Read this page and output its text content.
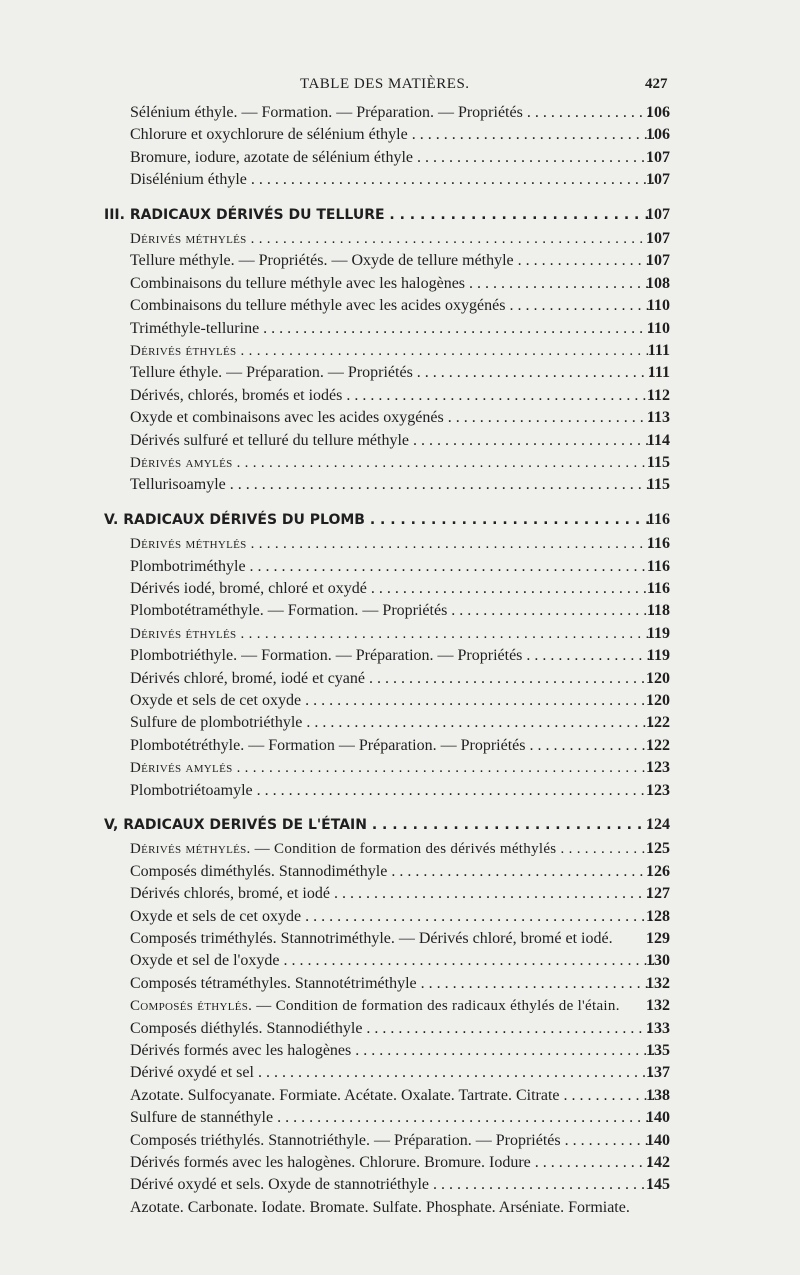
TABLE DES MATIÈRES.	427
Sélénium éthyle. — Formation. — Préparation. — Propriétés . . .	106
Chlorure et oxychlorure de sélénium éthyle . . .	106
Bromure, iodure, azotate de sélénium éthyle . . .	107
Disélénium éthyle . . .	107
III. RADICAUX DÉRIVÉS DU TELLURE . . .	107
Dérivés méthylés . . .	107
Tellure méthyle. — Propriétés. — Oxyde de tellure méthyle . . .	107
Combinaisons du tellure méthyle avec les halogènes . . .	108
Combinaisons du tellure méthyle avec les acides oxygénés . . .	110
Triméthyle-tellurine . . .	110
Dérivés éthylés . . .	111
Tellure éthyle. — Préparation. — Propriétés . . .	111
Dérivés, chlorés, bromés et iodés . . .	112
Oxyde et combinaisons avec les acides oxygénés . . .	113
Dérivés sulfuré et telluré du tellure méthyle . . .	114
Dérivés amylés . . .	115
Tellurisoamyle . . .	115
V. RADICAUX DÉRIVÉS DU PLOMB . . .	116
Dérivés méthylés . . .	116
Plombotriméthyle . . .	116
Dérivés iodé, bromé, chloré et oxydé . . .	116
Plombotétraméthyle. — Formation. — Propriétés . . .	118
Dérivés éthylés . . .	119
Plombotriéthyle. — Formation. — Préparation. — Propriétés . . .	119
Dérivés chloré, bromé, iodé et cyané . . .	120
Oxyde et sels de cet oxyde . . .	120
Sulfure de plombotriéthyle . . .	122
Plombotétréthyle. — Formation — Préparation. — Propriétés . . .	122
Dérivés amylés . . .	123
Plombotriétoamyle . . .	123
V, RADICAUX DERIVÉS DE L'ÉTAIN . . .	124
Dérivés méthylés. — Condition de formation des dérivés méthylés . . .	125
Composés diméthylés. Stannodiméthyle . . .	126
Dérivés chlorés, bromé, et iodé . . .	127
Oxyde et sels de cet oxyde . . .	128
Composés triméthylés. Stannotriméthyle. — Dérivés chloré, bromé et iodé.	129
Oxyde et sel de l'oxyde . . .	130
Composés tétraméthyles. Stannotétriméthyle . . .	132
Composés éthylés. — Condition de formation des radicaux éthylés de l'étain.	132
Composés diéthylés. Stannodiéthyle . . .	133
Dérivés formés avec les halogènes . . .	135
Dérivé oxydé et sel . . .	137
Azotate. Sulfocyanate. Formiate. Acétate. Oxalate. Tartrate. Citrate . . .	138
Sulfure de stannéthyle . . .	140
Composés triéthylés. Stannotriéthyle. — Préparation. — Propriétés . . .	140
Dérivés formés avec les halogènes. Chlorure. Bromure. Iodure . . .	142
Dérivé oxydé et sels. Oxyde de stannotriéthyle . . .	145
Azotate. Carbonate. Iodate. Bromate. Sulfate. Phosphate. Arséniate. Formiate.
